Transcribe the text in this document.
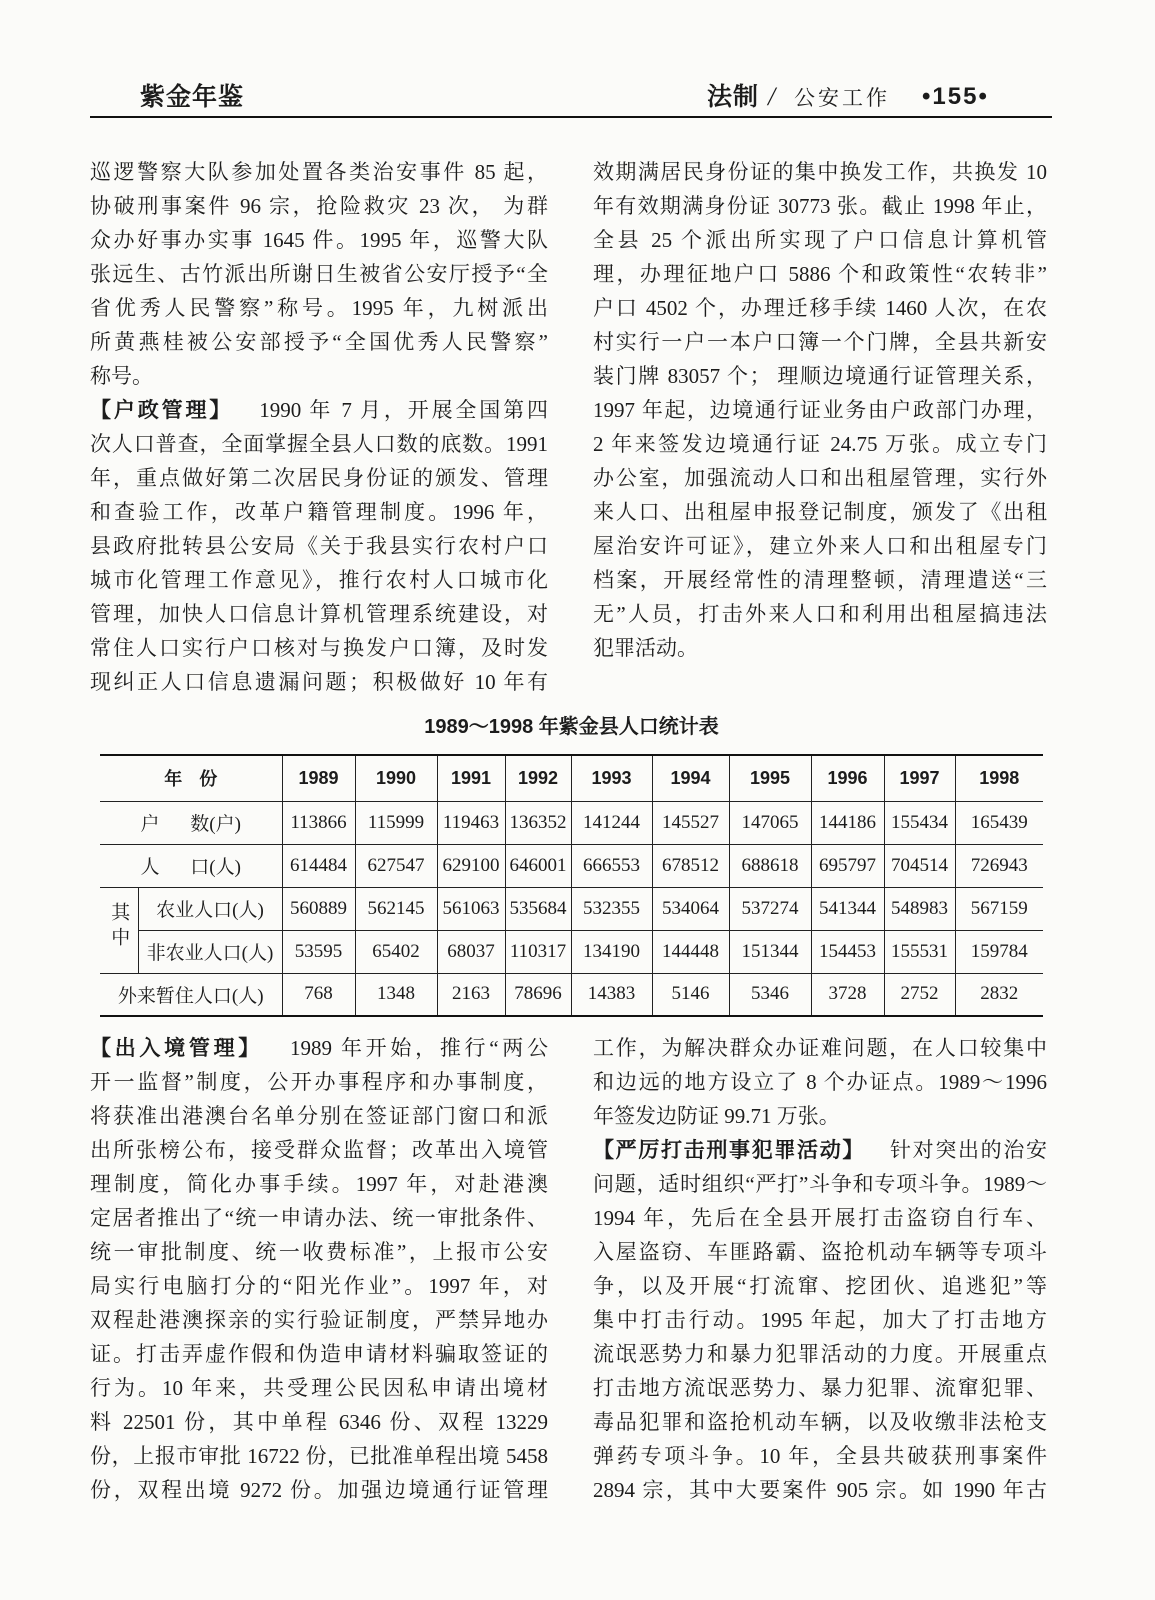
紫金年鉴	法制 / 公安工作 •155•
巡逻警察大队参加处置各类治安事件 85 起，
协破刑事案件 96 宗，抢险救灾 23 次， 为群
众办好事办实事 1645 件。1995 年，巡警大队
张远生、古竹派出所谢日生被省公安厅授予“全
省优秀人民警察”称号。1995 年，九树派出
所黄燕桂被公安部授予“全国优秀人民警察”
称号。
【户政管理】 1990 年 7 月，开展全国第四
次人口普查，全面掌握全县人口数的底数。1991
年，重点做好第二次居民身份证的颁发、管理
和查验工作，改革户籍管理制度。1996 年，
县政府批转县公安局《关于我县实行农村户口
城市化管理工作意见》，推行农村人口城市化
管理，加快人口信息计算机管理系统建设，对
常住人口实行户口核对与换发户口簿，及时发
现纠正人口信息遗漏问题；积极做好 10 年有
效期满居民身份证的集中换发工作，共换发 10
年有效期满身份证 30773 张。截止 1998 年止，
全县 25 个派出所实现了户口信息计算机管
理，办理征地户口 5886 个和政策性“农转非”
户口 4502 个，办理迁移手续 1460 人次，在农
村实行一户一本户口簿一个门牌，全县共新安
装门牌 83057 个； 理顺边境通行证管理关系，
1997 年起，边境通行证业务由户政部门办理，
2 年来签发边境通行证 24.75 万张。成立专门
办公室，加强流动人口和出租屋管理，实行外
来人口、出租屋申报登记制度，颁发了《出租
屋治安许可证》，建立外来人口和出租屋专门
档案，开展经常性的清理整顿，清理遣送“三
无”人员，打击外来人口和利用出租屋搞违法
犯罪活动。
1989～1998 年紫金县人口统计表
年 份		1989	1990	1991	1992	1993	1994	1995	1996	1997	1998
户 数(户)		113866	115999	119463	136352	141244	145527	147065	144186	155434	165439
人 口(人)		614484	627547	629100	646001	666553	678512	688618	695797	704514	726943
其中	农业人口(人)	560889	562145	561063	535684	532355	534064	537274	541344	548983	567159
	非农业人口(人)	53595	65402	68037	110317	134190	144448	151344	154453	155531	159784
外来暂住人口(人)		768	1348	2163	78696	14383	5146	5346	3728	2752	2832
【出入境管理】 1989 年开始，推行“两公
开一监督”制度，公开办事程序和办事制度，
将获准出港澳台名单分别在签证部门窗口和派
出所张榜公布，接受群众监督；改革出入境管
理制度，简化办事手续。1997 年，对赴港澳
定居者推出了“统一申请办法、统一审批条件、
统一审批制度、统一收费标准”，上报市公安
局实行电脑打分的“阳光作业”。1997 年，对
双程赴港澳探亲的实行验证制度，严禁异地办
证。打击弄虚作假和伪造申请材料骗取签证的
行为。10 年来，共受理公民因私申请出境材
料 22501 份，其中单程 6346 份、双程 13229
份，上报市审批 16722 份，已批准单程出境 5458
份，双程出境 9272 份。加强边境通行证管理
工作，为解决群众办证难问题，在人口较集中
和边远的地方设立了 8 个办证点。1989～1996
年签发边防证 99.71 万张。
【严厉打击刑事犯罪活动】 针对突出的治安
问题，适时组织“严打”斗争和专项斗争。1989～
1994 年，先后在全县开展打击盗窃自行车、
入屋盗窃、车匪路霸、盗抢机动车辆等专项斗
争，以及开展“打流窜、挖团伙、追逃犯”等
集中打击行动。1995 年起，加大了打击地方
流氓恶势力和暴力犯罪活动的力度。开展重点
打击地方流氓恶势力、暴力犯罪、流窜犯罪、
毒品犯罪和盗抢机动车辆，以及收缴非法枪支
弹药专项斗争。10 年，全县共破获刑事案件
2894 宗，其中大要案件 905 宗。如 1990 年古
